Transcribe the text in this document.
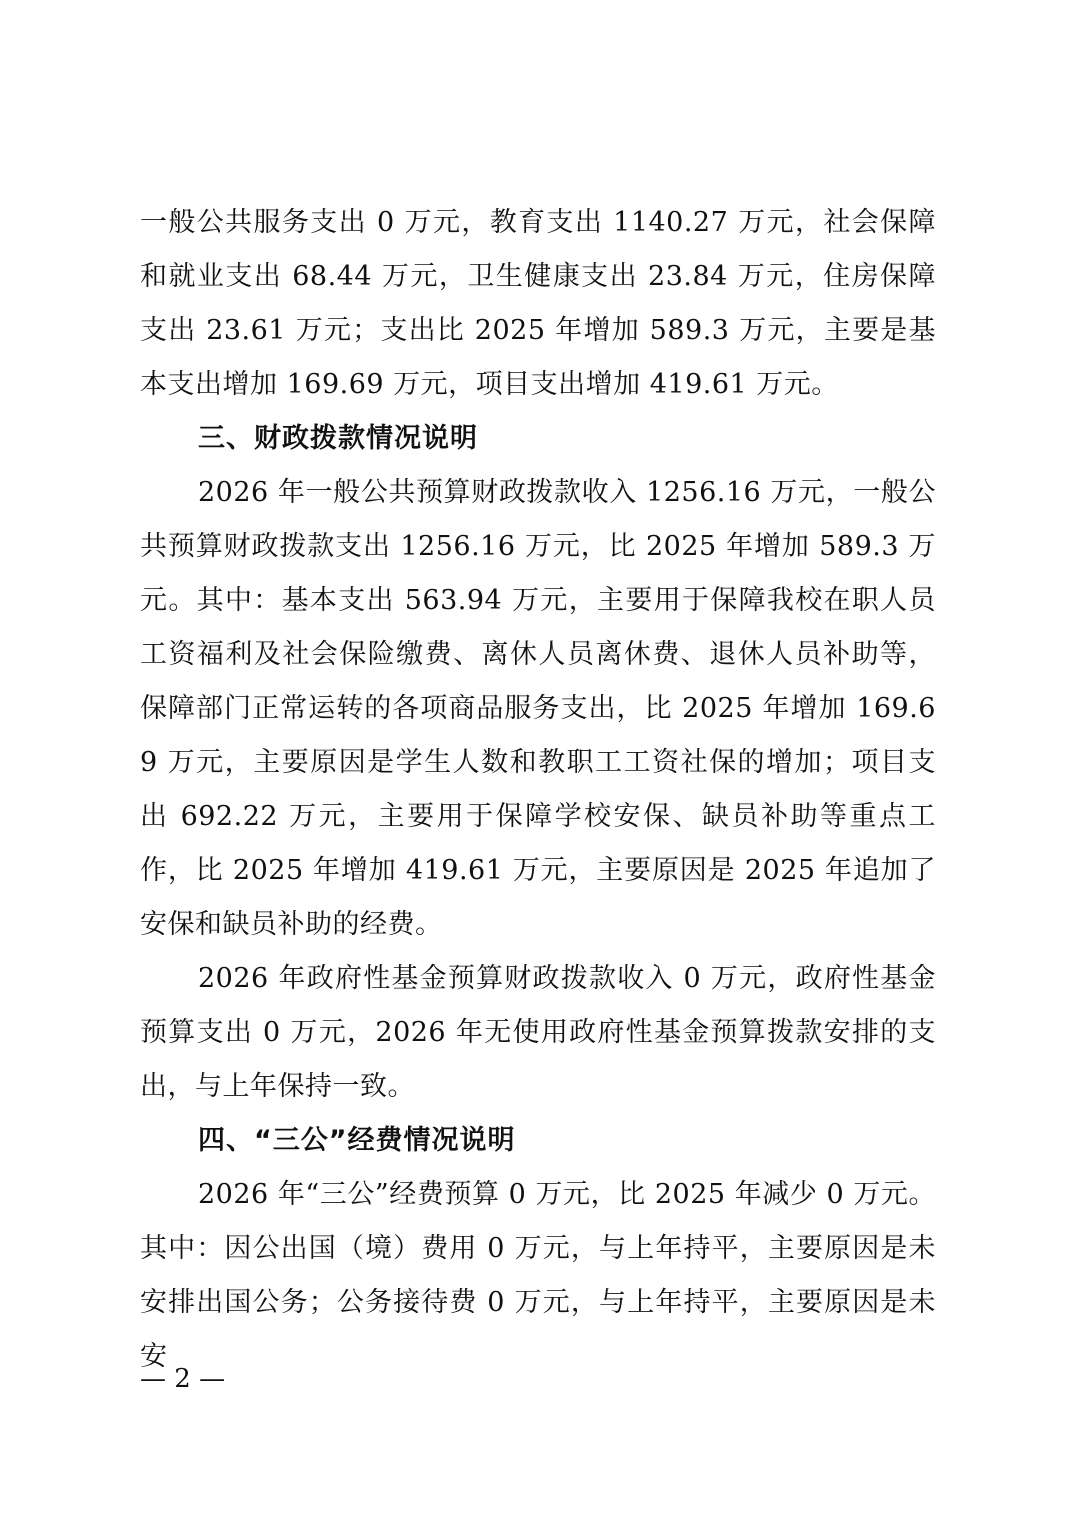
一般公共服务支出 0 万元，教育支出 1140.27 万元，社会保障和就业支出 68.44 万元，卫生健康支出 23.84 万元，住房保障支出 23.61 万元；支出比 2025 年增加 589.3 万元，主要是基本支出增加 169.69 万元，项目支出增加 419.61 万元。

三、财政拨款情况说明

2026 年一般公共预算财政拨款收入 1256.16 万元，一般公共预算财政拨款支出 1256.16 万元，比 2025 年增加 589.3 万元。其中：基本支出 563.94 万元，主要用于保障我校在职人员工资福利及社会保险缴费、离休人员离休费、退休人员补助等，保障部门正常运转的各项商品服务支出，比 2025 年增加 169.69 万元，主要原因是学生人数和教职工工资社保的增加；项目支出 692.22 万元，主要用于保障学校安保、缺员补助等重点工作，比 2025 年增加 419.61 万元，主要原因是 2025 年追加了安保和缺员补助的经费。

2026 年政府性基金预算财政拨款收入 0 万元，政府性基金预算支出 0 万元，2026 年无使用政府性基金预算拨款安排的支出，与上年保持一致。

四、“三公”经费情况说明

2026 年“三公”经费预算 0 万元，比 2025 年减少 0 万元。其中：因公出国（境）费用 0 万元，与上年持平，主要原因是未安排出国公务；公务接待费 0 万元，与上年持平，主要原因是未安

— 2 —
